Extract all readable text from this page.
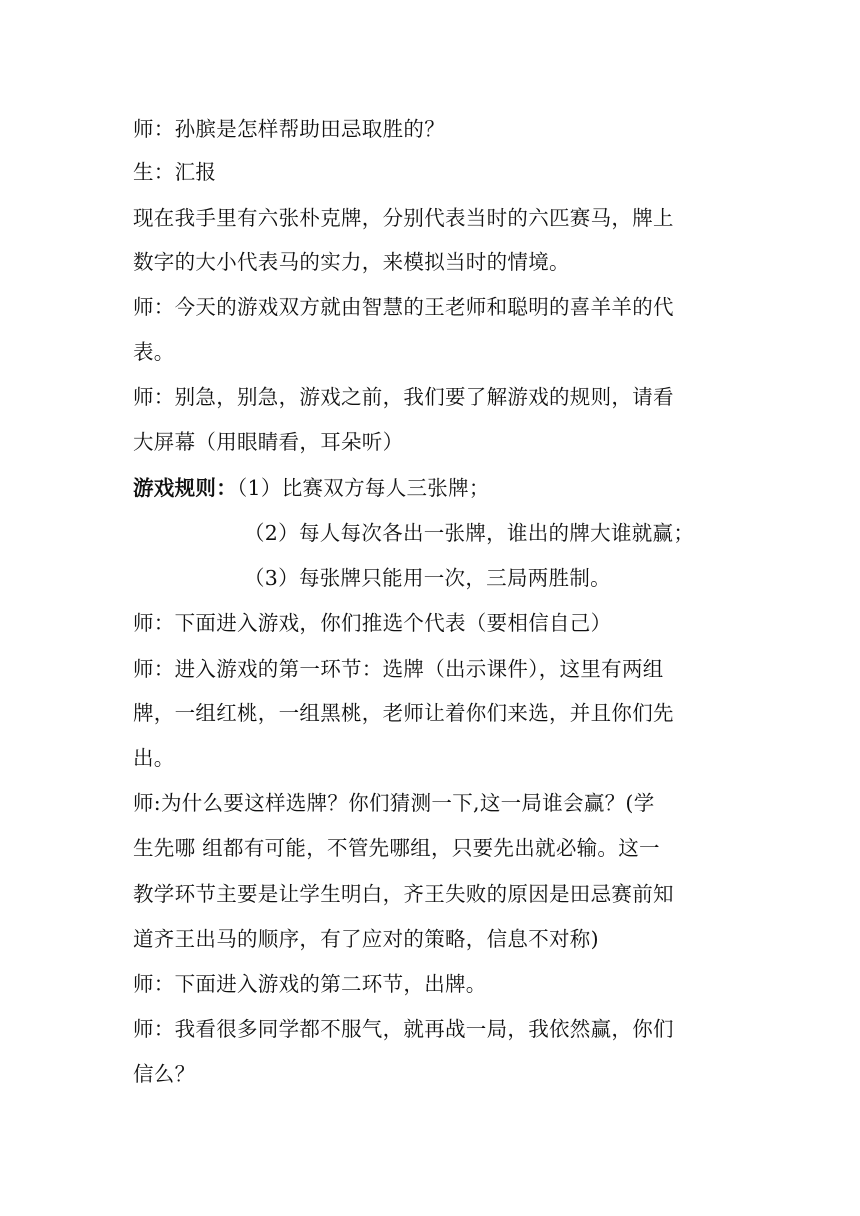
师：孙膑是怎样帮助田忌取胜的？
生：汇报
现在我手里有六张朴克牌，分别代表当时的六匹赛马，牌上
数字的大小代表马的实力，来模拟当时的情境。
师：今天的游戏双方就由智慧的王老师和聪明的喜羊羊的代
表。
师：别急，别急，游戏之前，我们要了解游戏的规则，请看
大屏幕（用眼睛看，耳朵听）
游戏规则：（1）比赛双方每人三张牌；
（2）每人每次各出一张牌，谁出的牌大谁就赢；
（3）每张牌只能用一次，三局两胜制。
师：下面进入游戏，你们推选个代表（要相信自己）
师：进入游戏的第一环节：选牌（出示课件），这里有两组
牌，一组红桃，一组黑桃，老师让着你们来选，并且你们先
出。
师:为什么要这样选牌？你们猜测一下,这一局谁会赢？(学
生先哪 组都有可能，不管先哪组，只要先出就必输。这一
教学环节主要是让学生明白，齐王失败的原因是田忌赛前知
道齐王出马的顺序，有了应对的策略，信息不对称)
师：下面进入游戏的第二环节，出牌。
师：我看很多同学都不服气，就再战一局，我依然赢，你们
信么？
